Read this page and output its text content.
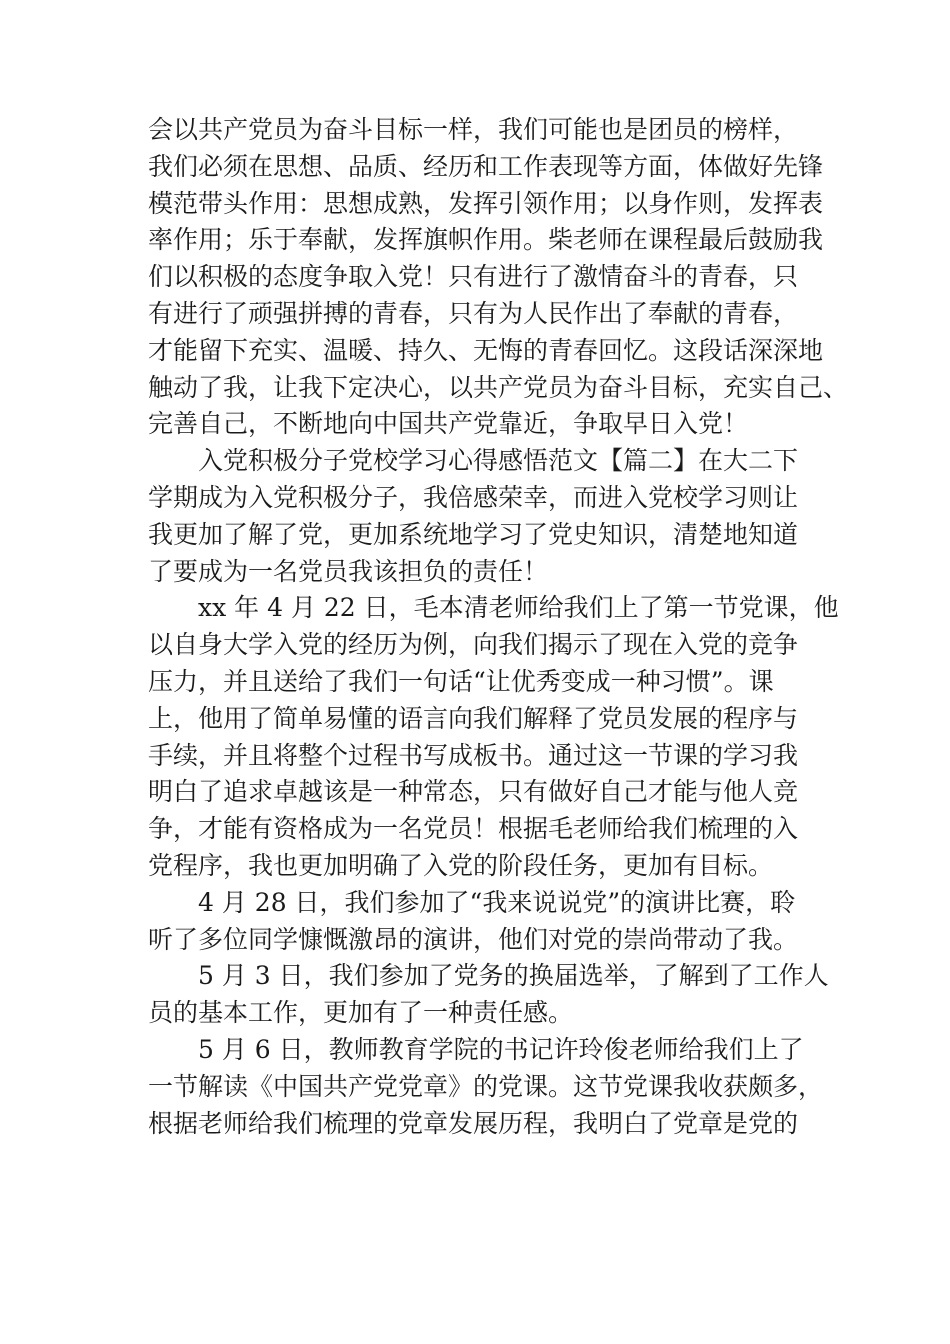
会以共产党员为奋斗目标一样，我们可能也是团员的榜样，
我们必须在思想、品质、经历和工作表现等方面，体做好先锋
模范带头作用：思想成熟，发挥引领作用；以身作则，发挥表
率作用；乐于奉献，发挥旗帜作用。柴老师在课程最后鼓励我
们以积极的态度争取入党！只有进行了激情奋斗的青春，只
有进行了顽强拼搏的青春，只有为人民作出了奉献的青春，
才能留下充实、温暖、持久、无悔的青春回忆。这段话深深地
触动了我，让我下定决心，以共产党员为奋斗目标，充实自己、
完善自己，不断地向中国共产党靠近，争取早日入党！
入党积极分子党校学习心得感悟范文【篇二】在大二下
学期成为入党积极分子，我倍感荣幸，而进入党校学习则让
我更加了解了党，更加系统地学习了党史知识，清楚地知道
了要成为一名党员我该担负的责任！
xx 年 4 月 22 日，毛本清老师给我们上了第一节党课，他
以自身大学入党的经历为例，向我们揭示了现在入党的竞争
压力，并且送给了我们一句话“让优秀变成一种习惯”。课
上，他用了简单易懂的语言向我们解释了党员发展的程序与
手续，并且将整个过程书写成板书。通过这一节课的学习我
明白了追求卓越该是一种常态，只有做好自己才能与他人竞
争，才能有资格成为一名党员！根据毛老师给我们梳理的入
党程序，我也更加明确了入党的阶段任务，更加有目标。
4 月 28 日，我们参加了“我来说说党”的演讲比赛，聆
听了多位同学慷慨激昂的演讲，他们对党的崇尚带动了我。
5 月 3 日，我们参加了党务的换届选举，了解到了工作人
员的基本工作，更加有了一种责任感。
5 月 6 日，教师教育学院的书记许玲俊老师给我们上了
一节解读《中国共产党党章》的党课。这节党课我收获颇多，
根据老师给我们梳理的党章发展历程，我明白了党章是党的
